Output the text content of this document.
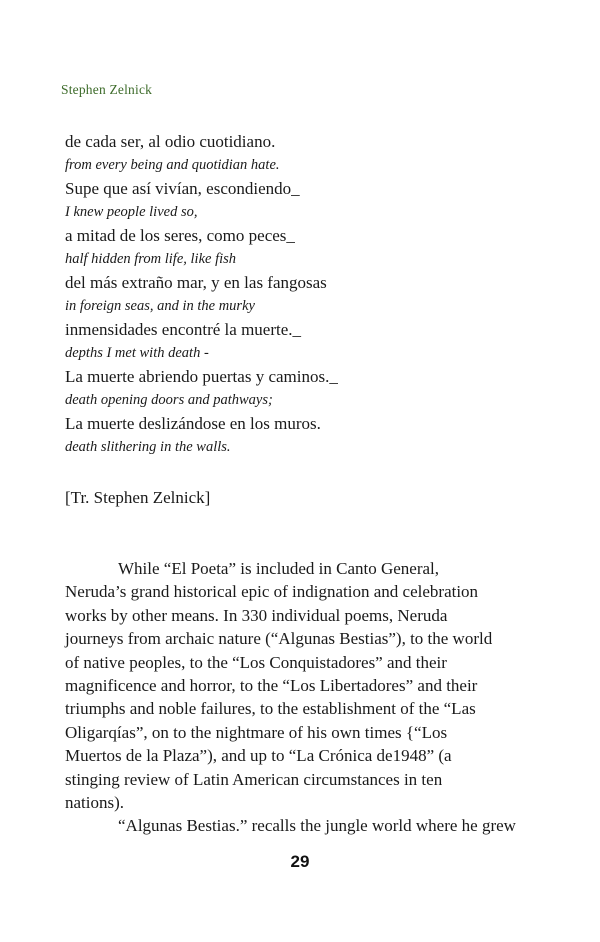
Stephen Zelnick
de cada ser, al odio cuotidiano.
from every being and quotidian hate.
Supe que así vivían, escondiendo_
I knew people lived so,
a mitad de los seres, como peces_
half hidden from life, like fish
del más extraño mar, y en las fangosas
in foreign seas, and in the murky
inmensidades encontré la muerte._
depths I met with death -
La muerte abriendo puertas y caminos._
death opening doors and pathways;
La muerte deslizándose en los muros.
death slithering in the walls.
[Tr. Stephen Zelnick]
While “El Poeta” is included in Canto General,
Neruda’s grand historical epic of indignation and celebration
works by other means. In 330 individual poems, Neruda
journeys from archaic nature (“Algunas Bestias”), to the world
of native peoples, to the “Los Conquistadores” and their
magnificence and horror, to the “Los Libertadores” and their
triumphs and noble failures, to the establishment of the “Las
Oligarqías”, on to the nightmare of his own times {“Los
Muertos de la Plaza”), and up to “La Crónica de1948” (a
stinging review of Latin American circumstances in ten
nations).
“Algunas Bestias.” recalls the jungle world where he grew
29
